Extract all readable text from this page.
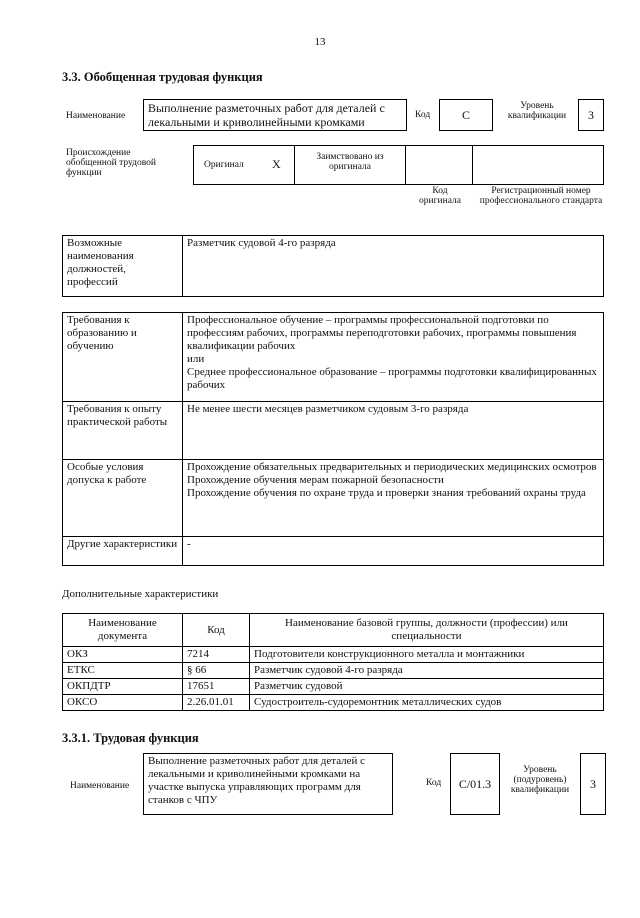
13
3.3. Обобщенная трудовая функция
Наименование
Выполнение разметочных работ для деталей с лекальными и криволинейными кромками	Код	C
Уровень квалификации	3
Происхождение обобщенной трудовой функции
Оригинал X	Заимствовано из оригинала
Код оригинала
Регистрационный номер профессионального стандарта
Возможные наименования должностей, профессий	Разметчик судовой 4-го разряда
Требования к образованию и обучению	Профессиональное обучение – программы профессиональной подготовки по профессиям рабочих, программы переподготовки рабочих, программы повышения квалификации рабочих
или
Среднее профессиональное образование – программы подготовки квалифицированных рабочих

Требования к опыту практической работы	Не менее шести месяцев разметчиком судовым 3-го разряда

Особые условия допуска к работе	Прохождение обязательных предварительных и периодических медицинских осмотров
Прохождение обучения мерам пожарной безопасности
Прохождение обучения по охране труда и проверки знания требований охраны труда

Другие характеристики	-
Дополнительные характеристики
Наименование документа	Код	Наименование базовой группы, должности (профессии) или специальности
ОКЗ	7214	Подготовители конструкционного металла и монтажники
ЕТКС	§ 66	Разметчик судовой 4-го разряда
ОКПДТР	17651	Разметчик судовой
ОКСО	2.26.01.01	Судостроитель-судоремонтник металлических судов
3.3.1. Трудовая функция
Наименование
Выполнение разметочных работ для деталей с лекальными и криволинейными кромками на участке выпуска управляющих программ для станков с ЧПУ
Код	C/01.3
Уровень (подуровень) квалификации	3
